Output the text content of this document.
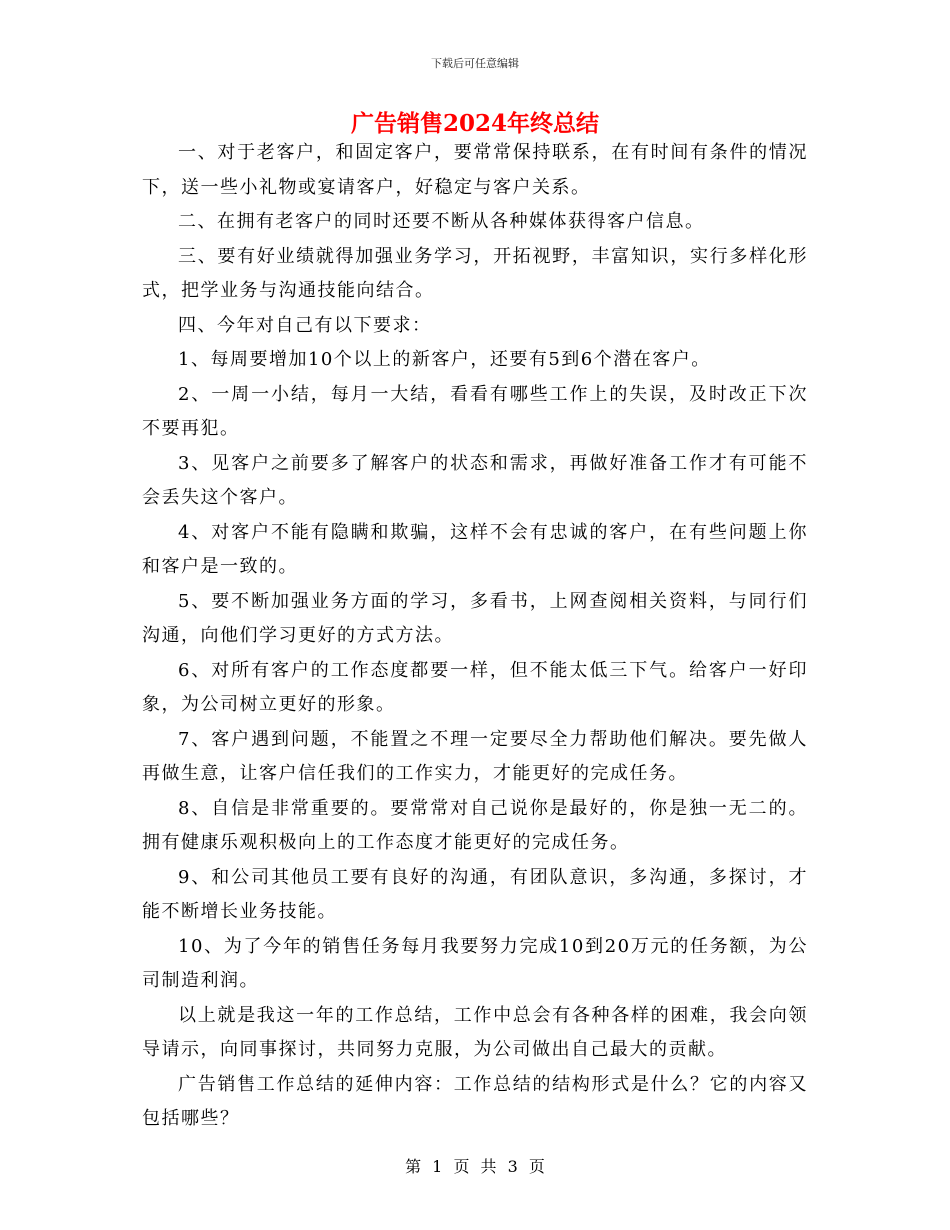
下载后可任意编辑
广告销售2024年终总结

一、对于老客户，和固定客户，要常常保持联系，在有时间有条件的情况下，送一些小礼物或宴请客户，好稳定与客户关系。

二、在拥有老客户的同时还要不断从各种媒体获得客户信息。

三、要有好业绩就得加强业务学习，开拓视野，丰富知识，实行多样化形式，把学业务与沟通技能向结合。

四、今年对自己有以下要求：

1、每周要增加10个以上的新客户，还要有5到6个潜在客户。

2、一周一小结，每月一大结，看看有哪些工作上的失误，及时改正下次不要再犯。

3、见客户之前要多了解客户的状态和需求，再做好准备工作才有可能不会丢失这个客户。

4、对客户不能有隐瞒和欺骗，这样不会有忠诚的客户，在有些问题上你和客户是一致的。

5、要不断加强业务方面的学习，多看书，上网查阅相关资料，与同行们沟通，向他们学习更好的方式方法。

6、对所有客户的工作态度都要一样，但不能太低三下气。给客户一好印象，为公司树立更好的形象。

7、客户遇到问题，不能置之不理一定要尽全力帮助他们解决。要先做人再做生意，让客户信任我们的工作实力，才能更好的完成任务。

8、自信是非常重要的。要常常对自己说你是最好的，你是独一无二的。拥有健康乐观积极向上的工作态度才能更好的完成任务。

9、和公司其他员工要有良好的沟通，有团队意识，多沟通，多探讨，才能不断增长业务技能。

10、为了今年的销售任务每月我要努力完成10到20万元的任务额，为公司制造利润。

以上就是我这一年的工作总结，工作中总会有各种各样的困难，我会向领导请示，向同事探讨，共同努力克服，为公司做出自己最大的贡献。

广告销售工作总结的延伸内容：工作总结的结构形式是什么？它的内容又包括哪些？

第 1 页 共 3 页
